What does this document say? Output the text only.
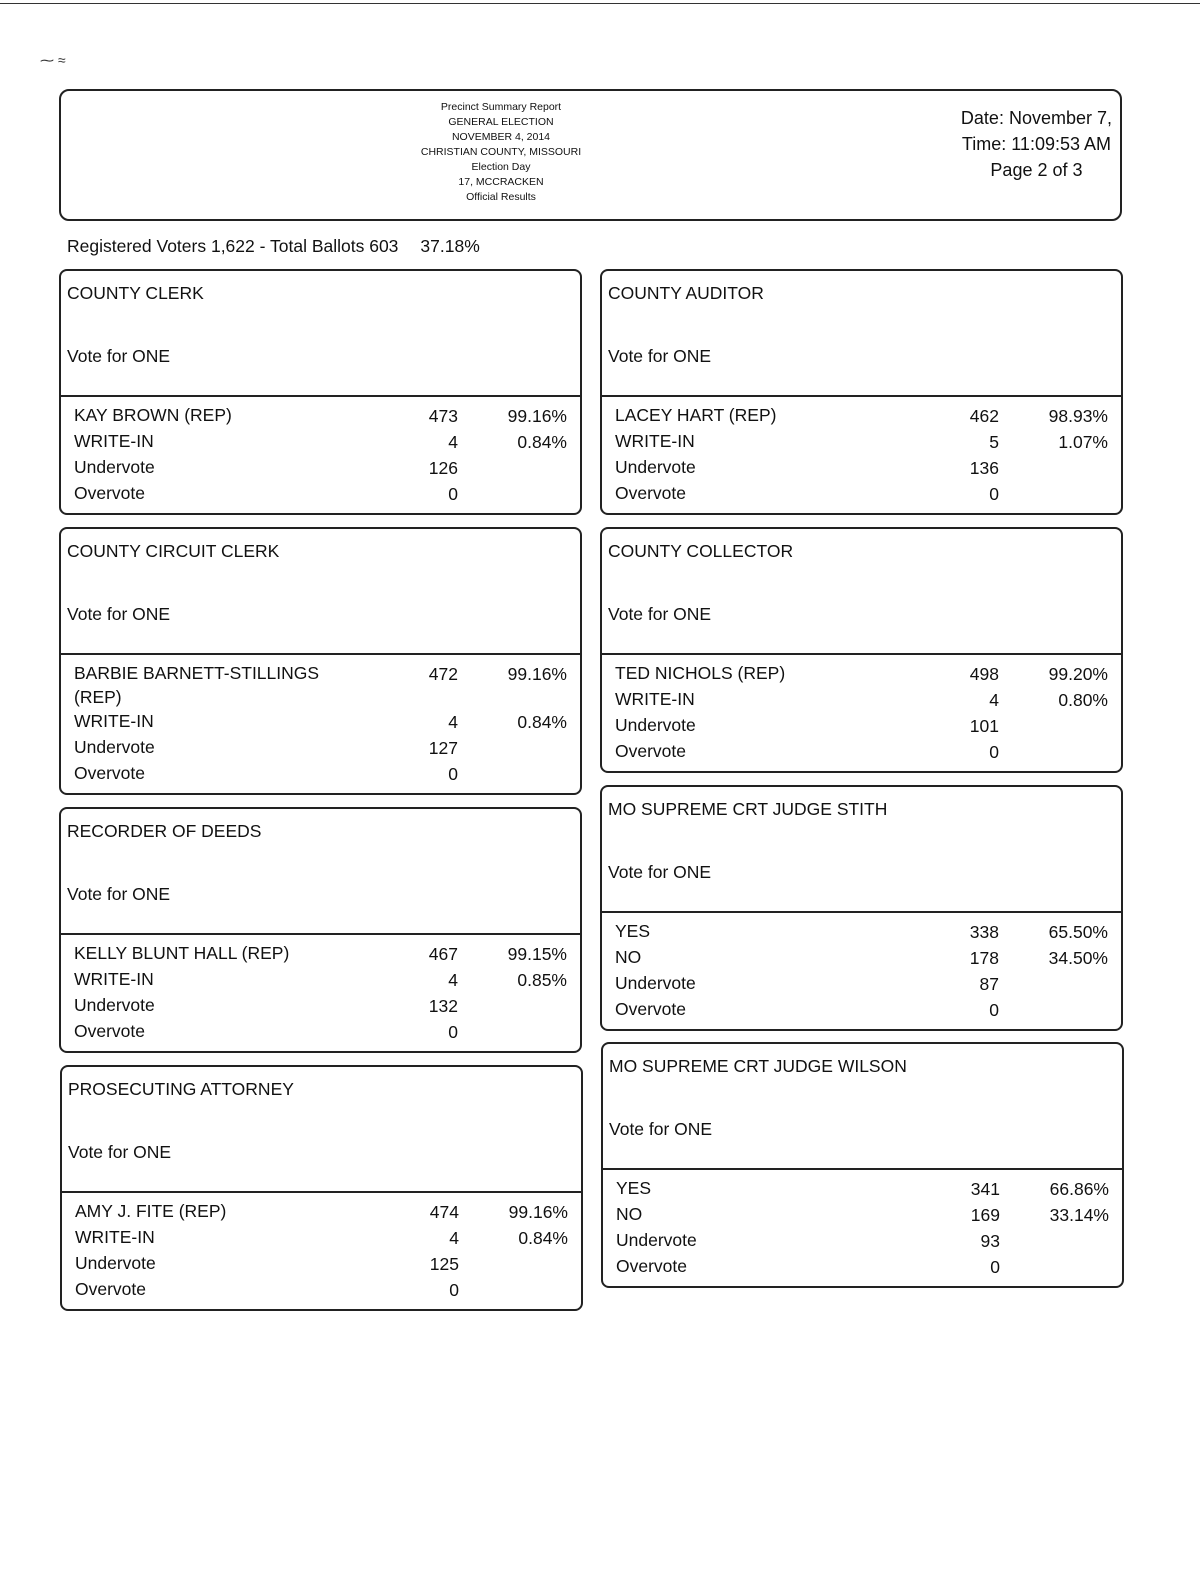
⁓ ≈
Precinct Summary Report
GENERAL ELECTION
NOVEMBER 4, 2014
CHRISTIAN COUNTY, MISSOURI
Election Day
17, MCCRACKEN
Official Results
Date: November 7,
Time: 11:09:53 AM
Page 2 of 3
Registered Voters 1,622 - Total Ballots 603 37.18%
COUNTY CLERK
Vote for ONE
KAY BROWN (REP)	473	99.16%
WRITE-IN	4	0.84%
Undervote	126
Overvote	0
COUNTY AUDITOR
Vote for ONE
LACEY HART (REP)	462	98.93%
WRITE-IN	5	1.07%
Undervote	136
Overvote	0
COUNTY CIRCUIT CLERK
Vote for ONE
BARBIE BARNETT-STILLINGS (REP)
472	99.16%
WRITE-IN	4	0.84%
Undervote	127
Overvote	0
COUNTY COLLECTOR
Vote for ONE
TED NICHOLS (REP)	498	99.20%
WRITE-IN	4	0.80%
Undervote	101
Overvote	0
RECORDER OF DEEDS
Vote for ONE
KELLY BLUNT HALL (REP)	467	99.15%
WRITE-IN	4	0.85%
Undervote	132
Overvote	0
MO SUPREME CRT JUDGE STITH
Vote for ONE
YES	338	65.50%
NO	178	34.50%
Undervote	87
Overvote	0
PROSECUTING ATTORNEY
Vote for ONE
AMY J. FITE (REP)	474	99.16%
WRITE-IN	4	0.84%
Undervote	125
Overvote	0
MO SUPREME CRT JUDGE WILSON
Vote for ONE
YES	341	66.86%
NO	169	33.14%
Undervote	93
Overvote	0
